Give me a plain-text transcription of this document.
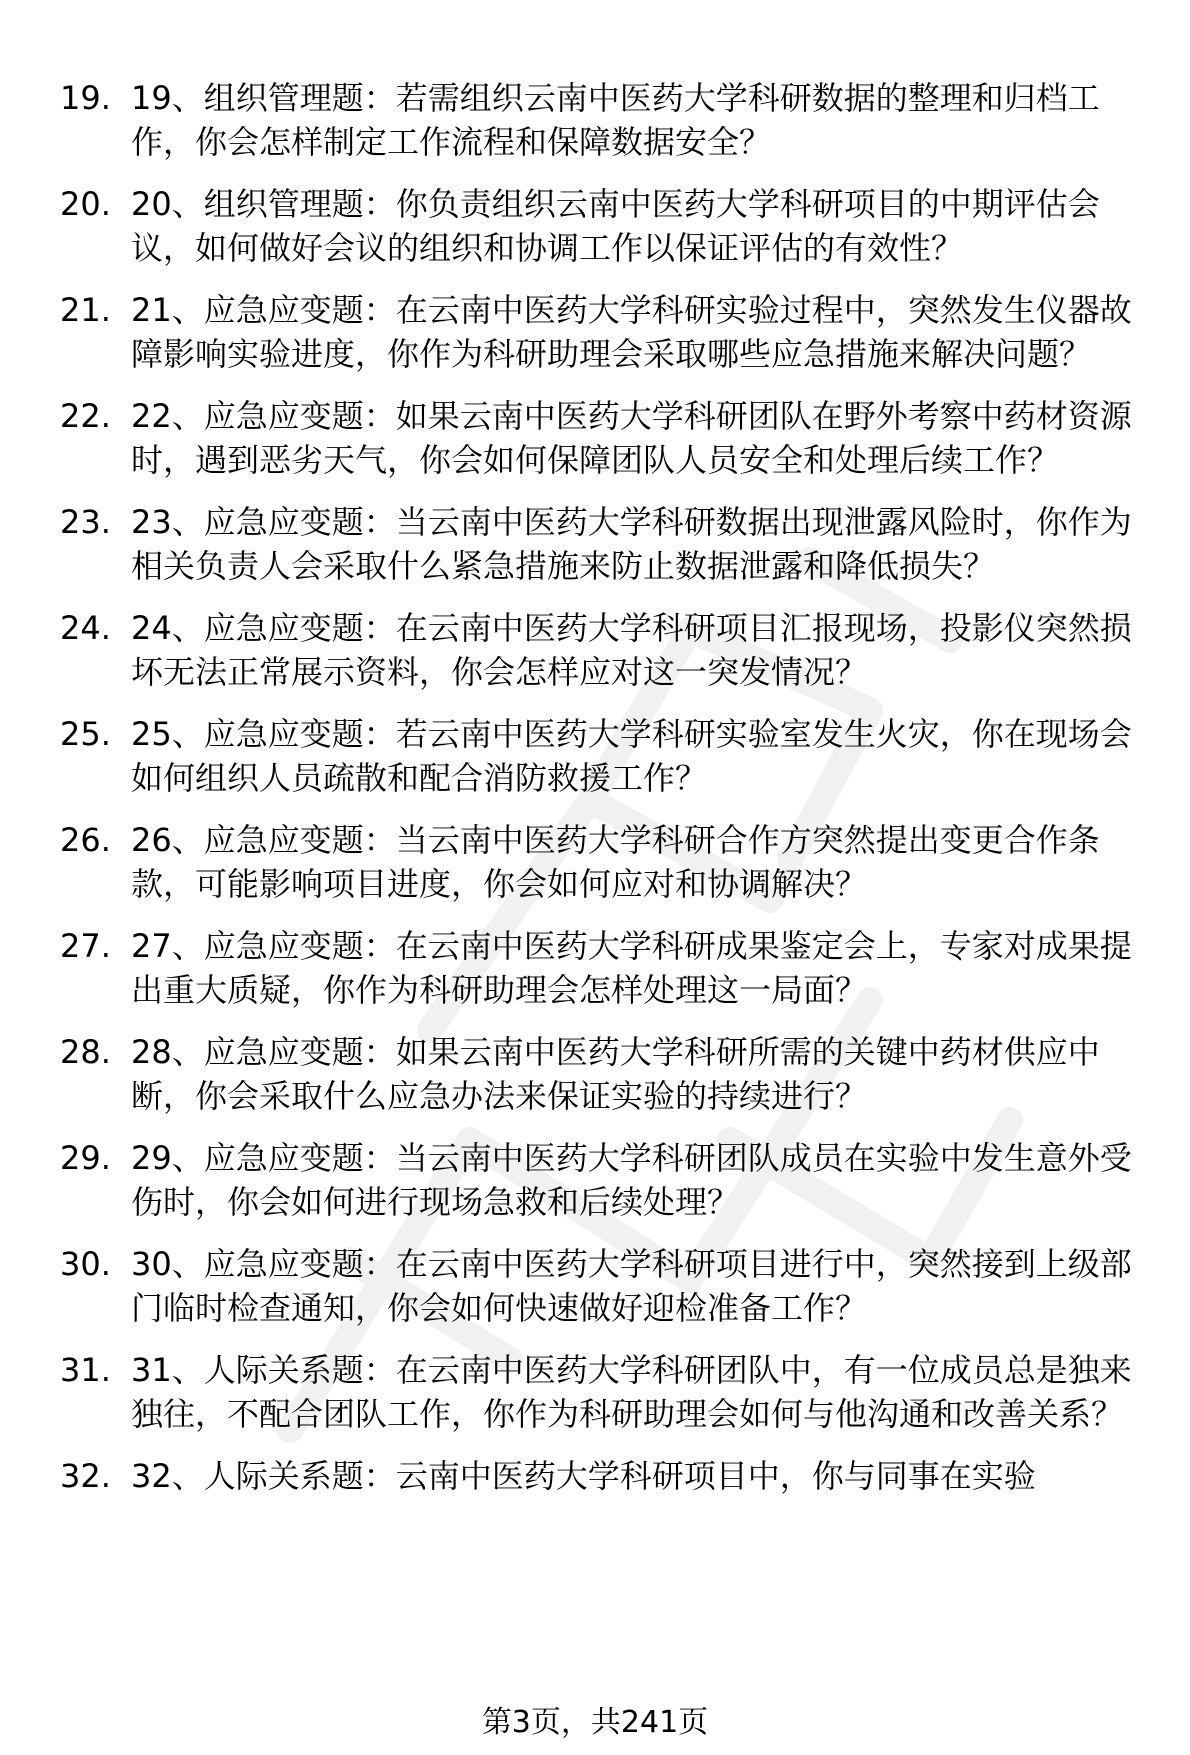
19. 19、组织管理题：若需组织云南中医药大学科研数据的整理和归档工作，你会怎样制定工作流程和保障数据安全？
20. 20、组织管理题：你负责组织云南中医药大学科研项目的中期评估会议，如何做好会议的组织和协调工作以保证评估的有效性？
21. 21、应急应变题：在云南中医药大学科研实验过程中，突然发生仪器故障影响实验进度，你作为科研助理会采取哪些应急措施来解决问题？
22. 22、应急应变题：如果云南中医药大学科研团队在野外考察中药材资源时，遇到恶劣天气，你会如何保障团队人员安全和处理后续工作？
23. 23、应急应变题：当云南中医药大学科研数据出现泄露风险时，你作为相关负责人会采取什么紧急措施来防止数据泄露和降低损失？
24. 24、应急应变题：在云南中医药大学科研项目汇报现场，投影仪突然损坏无法正常展示资料，你会怎样应对这一突发情况？
25. 25、应急应变题：若云南中医药大学科研实验室发生火灾，你在现场会如何组织人员疏散和配合消防救援工作？
26. 26、应急应变题：当云南中医药大学科研合作方突然提出变更合作条款，可能影响项目进度，你会如何应对和协调解决？
27. 27、应急应变题：在云南中医药大学科研成果鉴定会上，专家对成果提出重大质疑，你作为科研助理会怎样处理这一局面？
28. 28、应急应变题：如果云南中医药大学科研所需的关键中药材供应中断，你会采取什么应急办法来保证实验的持续进行？
29. 29、应急应变题：当云南中医药大学科研团队成员在实验中发生意外受伤时，你会如何进行现场急救和后续处理？
30. 30、应急应变题：在云南中医药大学科研项目进行中，突然接到上级部门临时检查通知，你会如何快速做好迎检准备工作？
31. 31、人际关系题：在云南中医药大学科研团队中，有一位成员总是独来独往，不配合团队工作，你作为科研助理会如何与他沟通和改善关系？
32. 32、人际关系题：云南中医药大学科研项目中，你与同事在实验
第3页，共241页
